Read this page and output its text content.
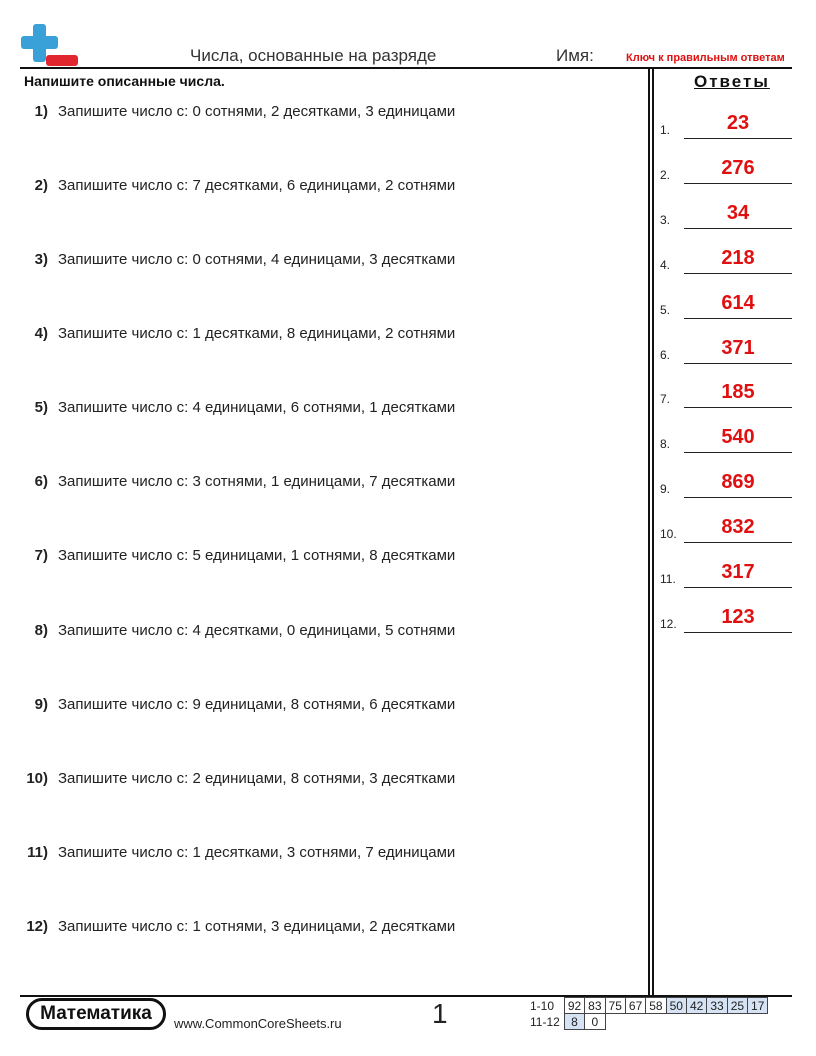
Числа, основанные на разряде	Имя:	Ключ к правильным ответам
Напишите описанные числа.
1) Запишите число с: 0 сотнями, 2 десятками, 3 единицами
2) Запишите число с: 7 десятками, 6 единицами, 2 сотнями
3) Запишите число с: 0 сотнями, 4 единицами, 3 десятками
4) Запишите число с: 1 десятками, 8 единицами, 2 сотнями
5) Запишите число с: 4 единицами, 6 сотнями, 1 десятками
6) Запишите число с: 3 сотнями, 1 единицами, 7 десятками
7) Запишите число с: 5 единицами, 1 сотнями, 8 десятками
8) Запишите число с: 4 десятками, 0 единицами, 5 сотнями
9) Запишите число с: 9 единицами, 8 сотнями, 6 десятками
10) Запишите число с: 2 единицами, 8 сотнями, 3 десятками
11) Запишите число с: 1 десятками, 3 сотнями, 7 единицами
12) Запишите число с: 1 сотнями, 3 единицами, 2 десятками
Ответы
1.	23
2.	276
3.	34
4.	218
5.	614
6.	371
7.	185
8.	540
9.	869
10.	832
11.	317
12.	123
Математика	www.CommonCoreSheets.ru	1	1-10	92	83	75	67	58	50	42	33	25	17
11-12	8	0								
